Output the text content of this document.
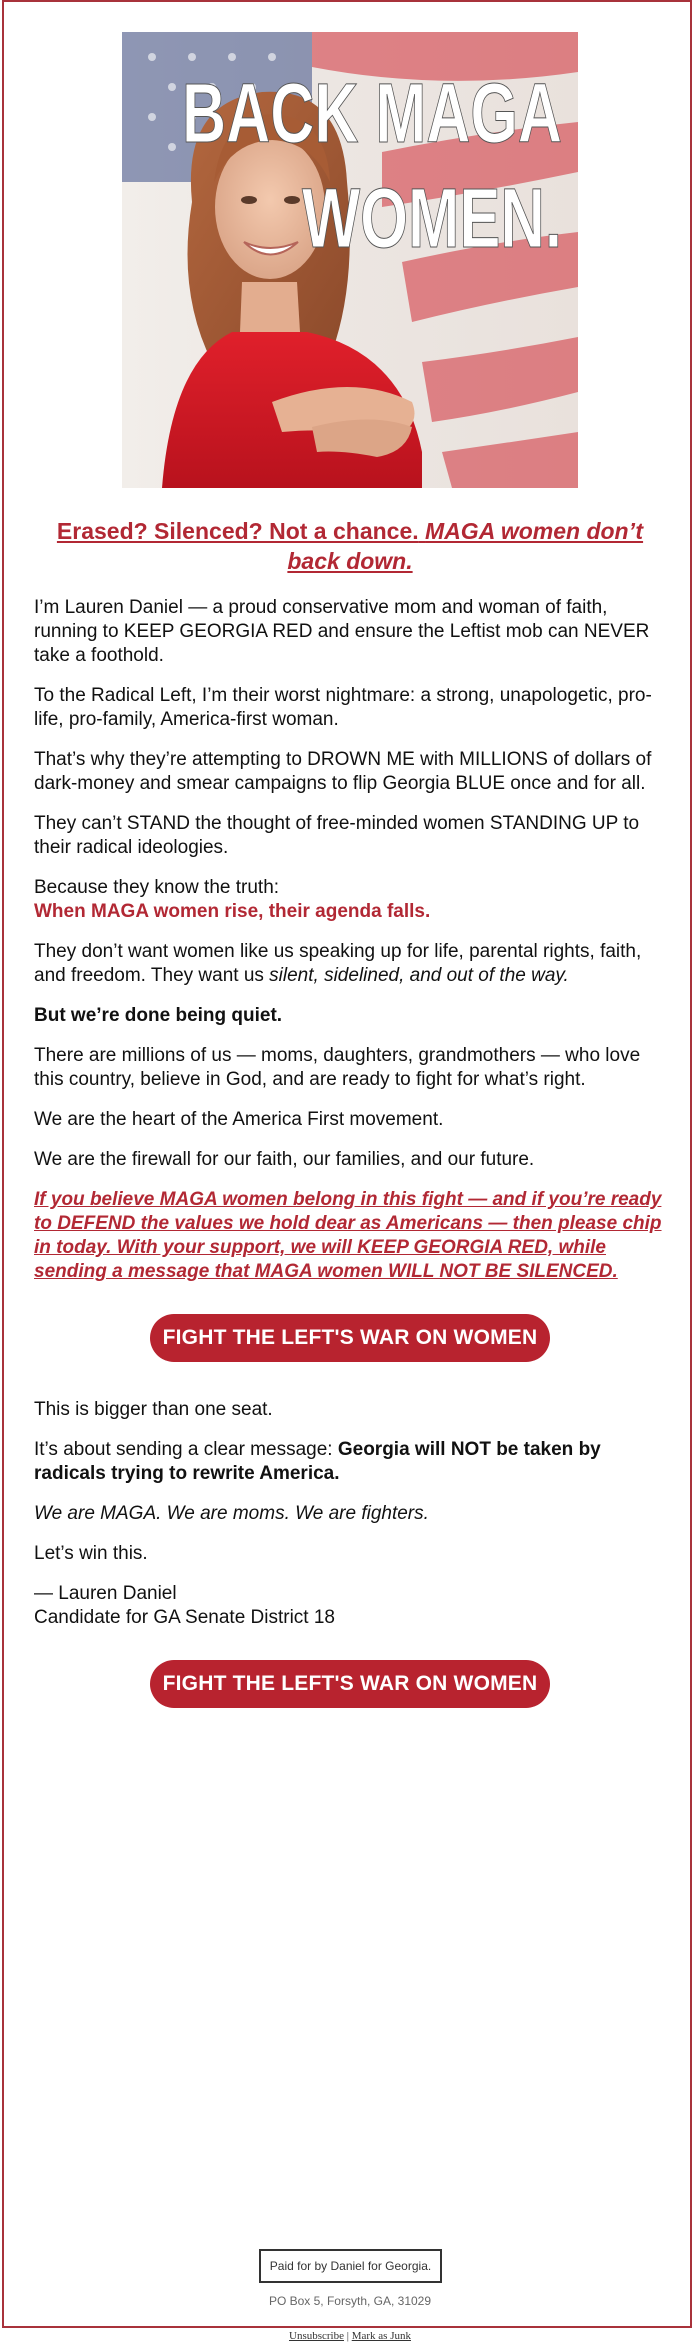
BACK MAGA
WOMEN.
Erased? Silenced? Not a chance. MAGA women don’t back down.

I’m Lauren Daniel — a proud conservative mom and woman of faith, running to KEEP GEORGIA RED and ensure the Leftist mob can NEVER take a foothold.

To the Radical Left, I’m their worst nightmare: a strong, unapologetic, pro-life, pro-family, America-first woman.

That’s why they’re attempting to DROWN ME with MILLIONS of dollars of dark-money and smear campaigns to flip Georgia BLUE once and for all.

They can’t STAND the thought of free-minded women STANDING UP to their radical ideologies.

Because they know the truth:
When MAGA women rise, their agenda falls.

They don’t want women like us speaking up for life, parental rights, faith, and freedom. They want us silent, sidelined, and out of the way.

But we’re done being quiet.

There are millions of us — moms, daughters, grandmothers — who love this country, believe in God, and are ready to fight for what’s right.

We are the heart of the America First movement.

We are the firewall for our faith, our families, and our future.

If you believe MAGA women belong in this fight — and if you’re ready to DEFEND the values we hold dear as Americans — then please chip in today. With your support, we will KEEP GEORGIA RED, while sending a message that MAGA women WILL NOT BE SILENCED.

FIGHT THE LEFT'S WAR ON WOMEN

This is bigger than one seat.

It’s about sending a clear message: Georgia will NOT be taken by radicals trying to rewrite America.

We are MAGA. We are moms. We are fighters.

Let’s win this.

— Lauren Daniel
Candidate for GA Senate District 18

FIGHT THE LEFT'S WAR ON WOMEN
Paid for by Daniel for Georgia.
PO Box 5, Forsyth, GA, 31029
Unsubscribe | Mark as Junk
